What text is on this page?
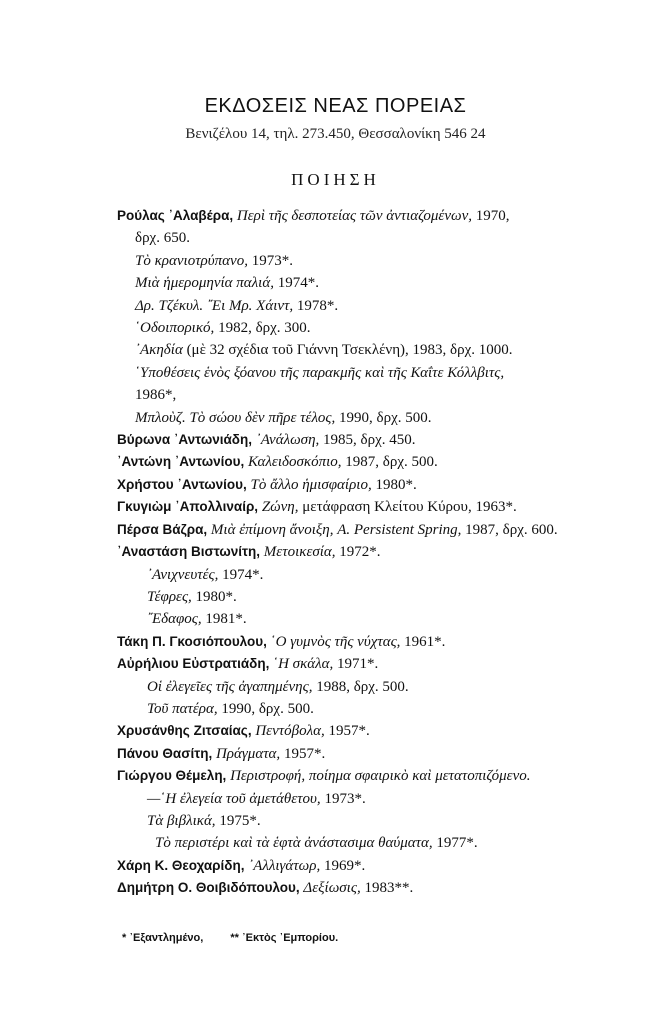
ΕΚΔΟΣΕΙΣ ΝΕΑΣ ΠΟΡΕΙΑΣ
Βενιζέλου 14, τηλ. 273.450, Θεσσαλονίκη 546 24
ΠΟΙΗΣΗ
Ρούλας ᾿Αλαβέρα, Περὶ τῆς δεσποτείας τῶν ἀντιαζομένων, 1970,
δρχ. 650.
Τὸ κρανιοτρύπανο, 1973*.
Μιὰ ἡμερομηνία παλιά, 1974*.
Δρ. Τζέκυλ. ῎Ει Μρ. Χάιντ, 1978*.
῾Οδοιπορικό, 1982, δρχ. 300.
᾿Ακηδία (μὲ 32 σχέδια τοῦ Γιάννη Τσεκλένη), 1983, δρχ. 1000.
῾Υποθέσεις ἑνὸς ξόανου τῆς παρακμῆς καὶ τῆς Καΐτε Κόλλβιτς,
1986*,
Μπλοὺζ. Τὸ σώου δὲν πῆρε τέλος, 1990, δρχ. 500.
Βύρωνα ᾿Αντωνιάδη, ᾿Ανάλωση, 1985, δρχ. 450.
᾿Αντώνη ᾿Αντωνίου, Καλειδοσκόπιο, 1987, δρχ. 500.
Χρήστου ᾿Αντωνίου, Τὸ ἄλλο ἡμισφαίριο, 1980*.
Γκυγιὼμ ᾿Απολλιναίρ, Ζώνη, μετάφραση Κλείτου Κύρου, 1963*.
Πέρσα Βάζρα, Μιὰ ἐπίμονη ἄνοιξη, A. Persistent Spring, 1987, δρχ. 600.
᾿Αναστάση Βιστωνίτη, Μετοικεσία, 1972*.
᾿Ανιχνευτές, 1974*.
Τέφρες, 1980*.
῎Εδαφος, 1981*.
Τάκη Π. Γκοσιόπουλου, ῾Ο γυμνὸς τῆς νύχτας, 1961*.
Αὐρήλιου Εὐστρατιάδη, ῾Η σκάλα, 1971*.
Οἱ ἐλεγεῖες τῆς ἀγαπημένης, 1988, δρχ. 500.
Τοῦ πατέρα, 1990, δρχ. 500.
Χρυσάνθης Ζιτσαίας, Πεντόβολα, 1957*.
Πάνου Θασίτη, Πράγματα, 1957*.
Γιώργου Θέμελη, Περιστροφή, ποίημα σφαιρικὸ καὶ μετατοπιζόμενο.
—῾Η ἐλεγεία τοῦ ἀμετάθετου, 1973*.
Τὰ βιβλικά, 1975*.
Τὸ περιστέρι καὶ τὰ ἑφτὰ ἀνάστασιμα θαύματα, 1977*.
Χάρη Κ. Θεοχαρίδη, ᾿Αλλιγάτωρ, 1969*.
Δημήτρη Ο. Θοιβιδόπουλου, Δεξίωσις, 1983**.
* ᾿Εξαντλημένο, ** ᾿Εκτὸς ᾿Εμπορίου.
